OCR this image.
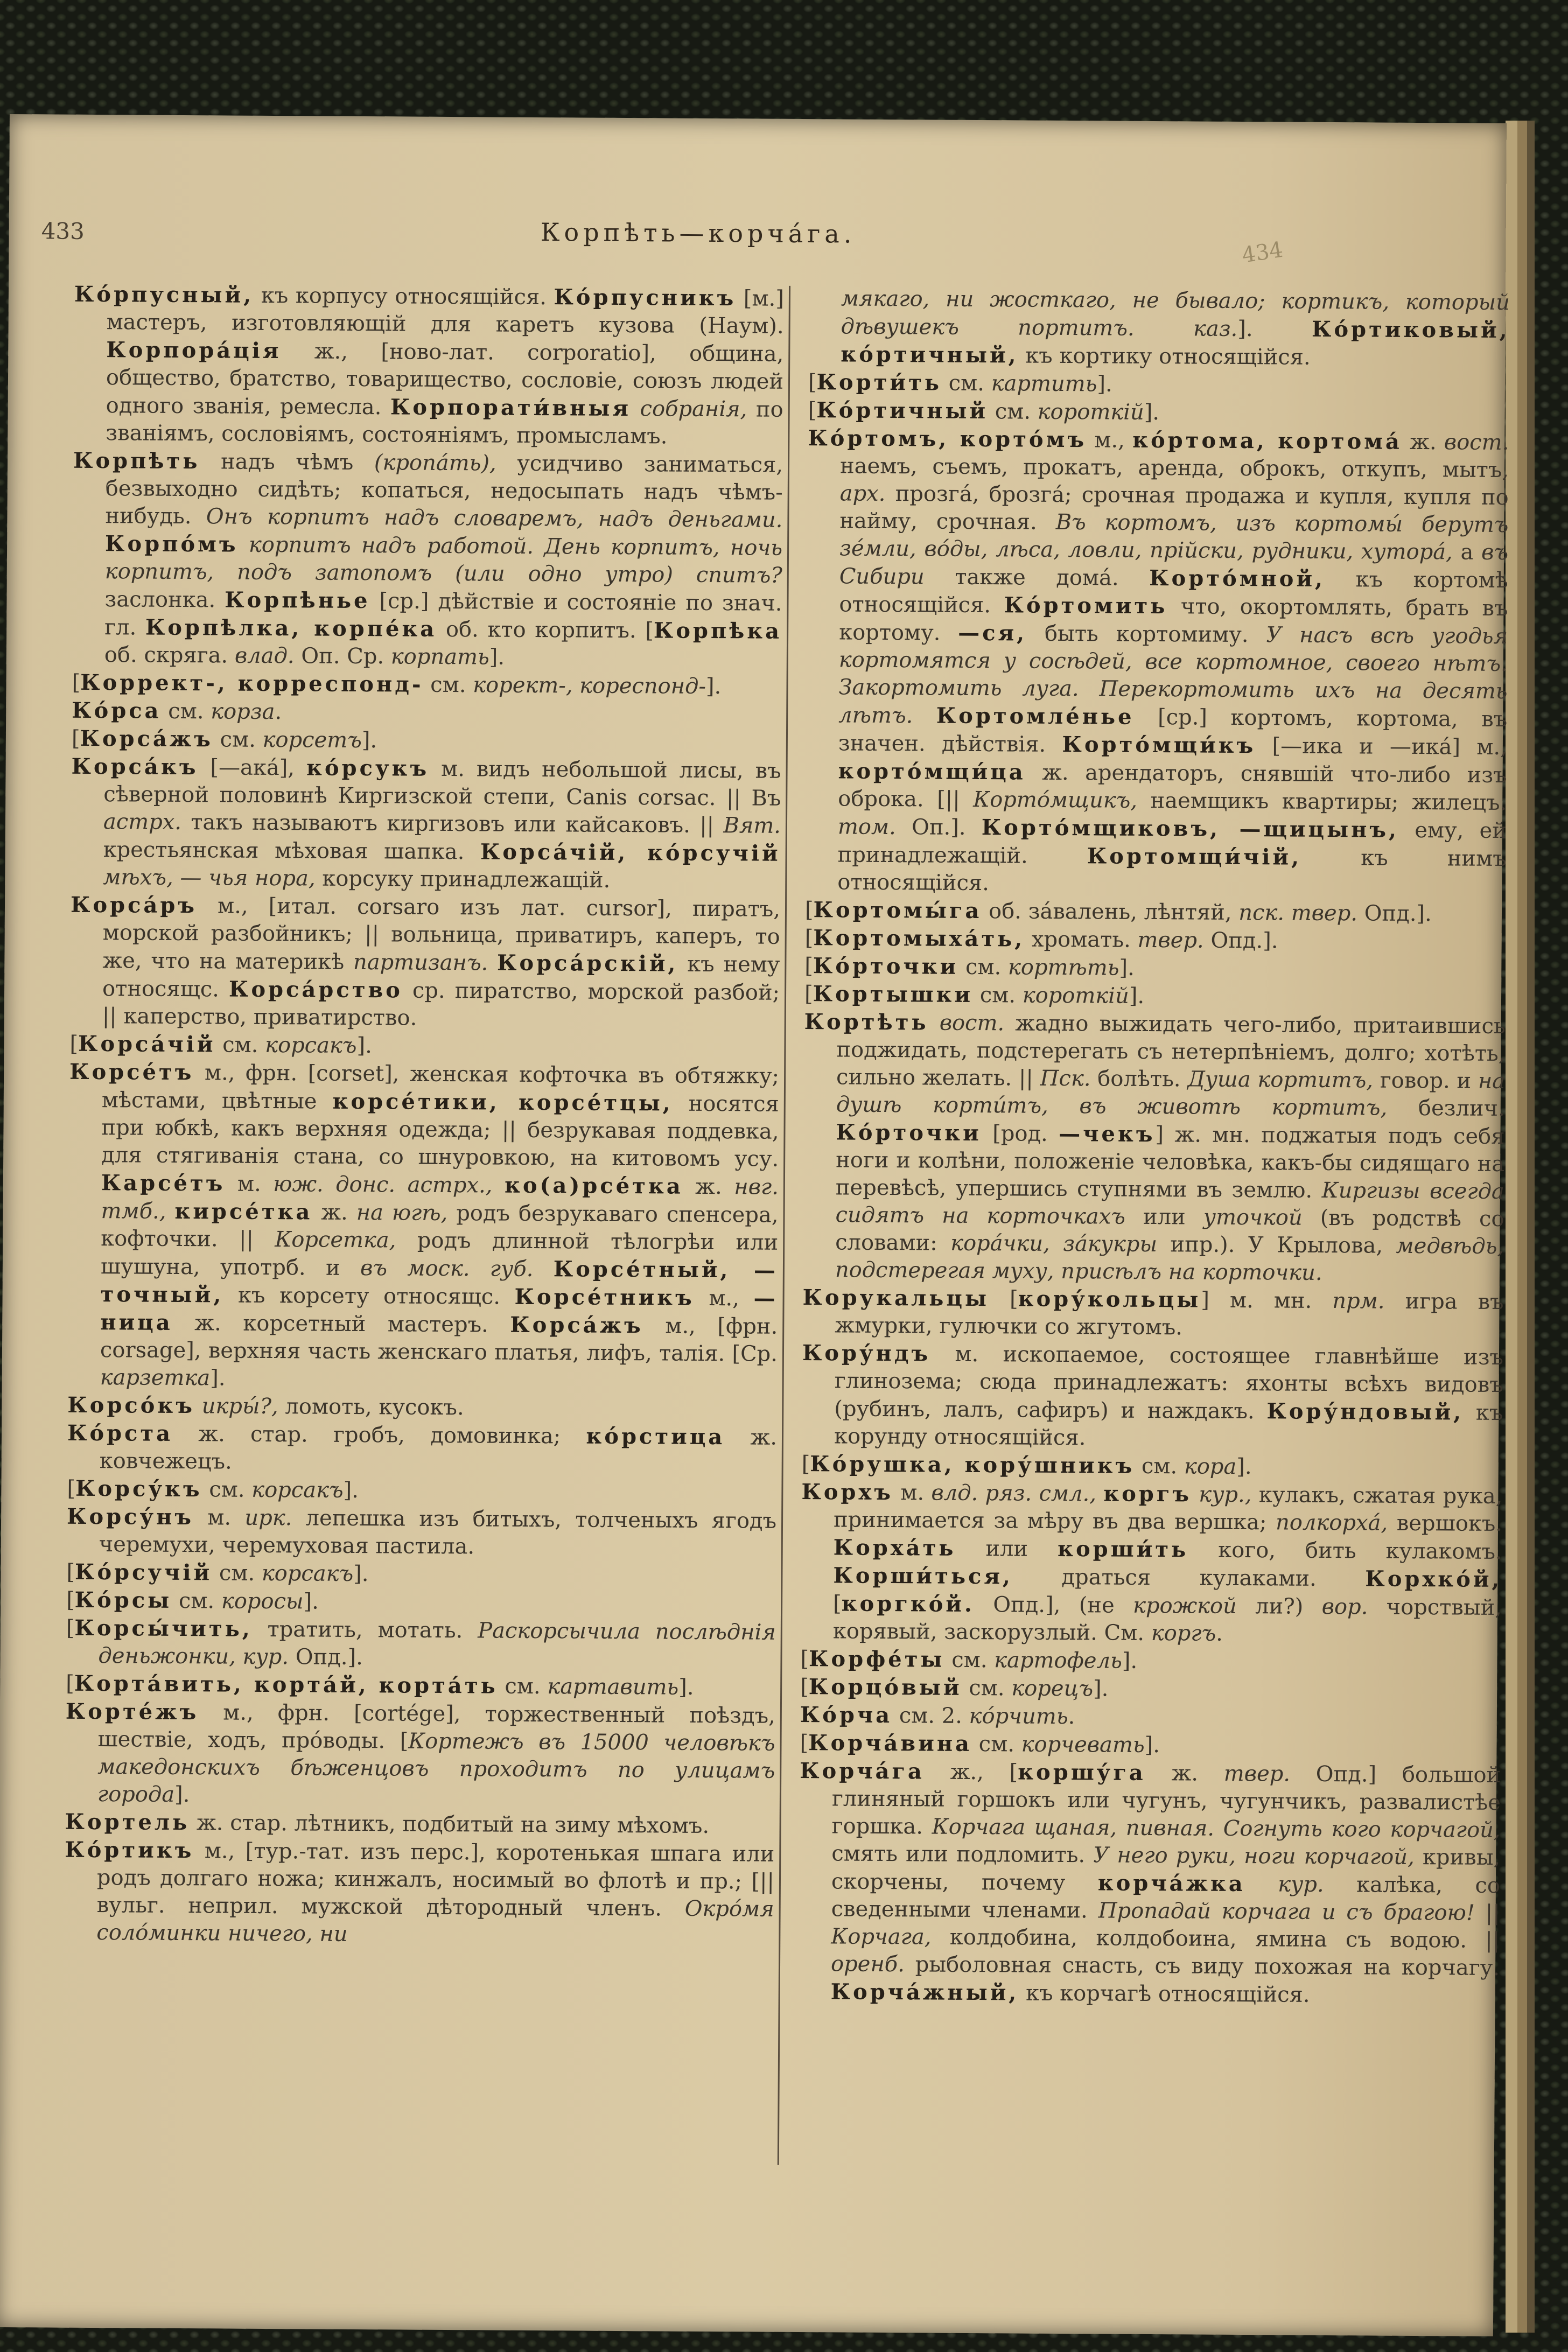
433	Корпѣть—корча́га.
434

Ко́рпусный, къ корпусу относящійся. Ко́рпусникъ [м.] мастеръ, изготовляющій для каретъ кузова (Наум). Корпора́ція ж., [ново-лат. corporatio], община, общество, братство, товарищество, сословіе, союзъ людей одного званія, ремесла. Корпорати́вныя собранія, по званіямъ, сословіямъ, состояніямъ, промысламъ.

Корпѣть надъ чѣмъ (кропа́ть), усидчиво заниматься, безвыходно сидѣть; копаться, недосыпать надъ чѣмъ-нибудь. Онъ корпитъ надъ словаремъ, надъ деньгами. Корпо́мъ корпитъ надъ работой. День корпитъ, ночь корпитъ, подъ затопомъ (или одно утро) спитъ? заслонка. Корпѣнье [ср.] дѣйствіе и состояніе по знач. гл. Корпѣлка, корпе́ка об. кто корпитъ. [Корпѣка об. скряга. влад. Оп. Ср. корпать].

[Коррект-, корреспонд- см. корект-, кореспонд-].

Ко́рса см. корза.

[Корса́жъ см. корсетъ].

Корса́къ [—ака́], ко́рсукъ м. видъ небольшой лисы, въ сѣверной половинѣ Киргизской степи, Canis corsac. || Въ астрх. такъ называютъ киргизовъ или кайсаковъ. || Вят. крестьянская мѣховая шапка. Корса́чій, ко́рсучій мѣхъ, — чья нора, корсуку принадлежащій.

Корса́ръ м., [итал. corsaro изъ лат. cursor], пиратъ, морской разбойникъ; || вольница, приватиръ, каперъ, то же, что на материкѣ партизанъ. Корса́рскій, къ нему относящс. Корса́рство ср. пиратство, морской разбой; || каперство, приватирство.

[Корса́чій см. корсакъ].

Корсе́тъ м., фрн. [corset], женская кофточка въ обтяжку; мѣстами, цвѣтные корсе́тики, корсе́тцы, носятся при юбкѣ, какъ верхняя одежда; || безрукавая поддевка, для стягиванія стана, со шнуровкою, на китовомъ усу. Карсе́тъ м. юж. донс. астрх., ко(а)рсе́тка ж. нвг. тмб., кирсе́тка ж. на югѣ, родъ безрукаваго спенсера, кофточки. || Корсетка, родъ длинной тѣлогрѣи или шушуна, употрб. и въ моск. губ. Корсе́тный, —точный, къ корсету относящс. Корсе́тникъ м., —ница ж. корсетный мастеръ. Корса́жъ м., [фрн. corsage], верхняя часть женскаго платья, лифъ, талія. [Ср. карзетка].

Корсо́къ икры́?, ломоть, кусокъ.

Ко́рста ж. стар. гробъ, домовинка; ко́рстица ж. ковчежецъ.

[Корсу́къ см. корсакъ].

Корсу́нъ м. ирк. лепешка изъ битыхъ, толченыхъ ягодъ черемухи, черемуховая пастила.

[Ко́рсучій см. корсакъ].

[Ко́рсы см. коросы].

[Корсы́чить, тратить, мотать. Раскорсычила послѣднія деньжонки, кур. Опд.].

[Корта́вить, корта́й, корта́ть см. картавить].

Корте́жъ м., фрн. [cortége], торжественный поѣздъ, шествіе, ходъ, про́воды. [Кортежъ въ 15000 человѣкъ македонскихъ бѣженцовъ проходитъ по улицамъ города].

Кортель ж. стар. лѣтникъ, подбитый на зиму мѣхомъ.

Ко́ртикъ м., [тур.-тат. изъ перс.], коротенькая шпага или родъ долгаго ножа; кинжалъ, носимый во флотѣ и пр.; [||вульг. неприл. мужской дѣтородный членъ. Окро́мя соло́минки ничего, ни

мякаго, ни жосткаго, не бывало; кортикъ, который дѣвушекъ портитъ. каз.]. Ко́ртиковый, ко́ртичный, къ кортику относящійся.

[Корти́ть см. картить].

[Ко́ртичный см. короткій].

Ко́ртомъ, корто́мъ м., ко́ртома, кортома́ ж. вост. наемъ, съемъ, прокатъ, аренда, оброкъ, откупъ, мытъ, арх. прозга́, брозга́; срочная продажа и купля, купля по найму, срочная. Въ кортомъ, изъ кортомы́ берутъ зе́мли, во́ды, лѣса, ловли, прійски, рудники, хутора́, а въ Сибири также дома́. Корто́мной, къ кортомѣ относящійся. Ко́ртомить что, окортомлять, брать въ кортому. —ся, быть кортомиму. У насъ всѣ угодья кортомятся у сосѣдей, все кортомное, своего нѣтъ. Закортомить луга. Перекортомить ихъ на десять лѣтъ. Кортомле́нье [ср.] кортомъ, кортома, въ значен. дѣйствія. Корто́мщи́къ [—ика и —ика́] м., корто́мщи́ца ж. арендаторъ, снявшій что-либо изъ оброка. [|| Корто́мщикъ, наемщикъ квартиры; жилецъ. том. Оп.]. Корто́мщиковъ, —щицынъ, ему, ей принадлежащій. Кортомщи́чій, къ нимъ относящійся.

[Кортомы́га об. за́валень, лѣнтяй, пск. твер. Опд.].

[Кортомыха́ть, хромать. твер. Опд.].

[Ко́рточки см. кортѣть].

[Кортышки см. короткій].

Кортѣть вост. жадно выжидать чего-либо, притаившись поджидать, подстерегать съ нетерпѣніемъ, долго; хотѣть, сильно желать. || Пск. болѣть. Душа кортитъ, говор. и на душѣ корти́тъ, въ животѣ кортитъ, безлич. Ко́рточки [род. —чекъ] ж. мн. поджатыя подъ себя ноги и колѣни, положеніе человѣка, какъ-бы сидящаго на перевѣсѣ, упершись ступнями въ землю. Киргизы всегда сидятъ на корточкахъ или уточкой (въ родствѣ со словами: кора́чки, за́кукры ипр.). У Крылова, медвѣдь, подстерегая муху, присѣлъ на корточки.

Корукальцы [кору́кольцы] м. мн. прм. игра въ жмурки, гулючки со жгутомъ.

Кору́ндъ м. ископаемое, состоящее главнѣйше изъ глинозема; сюда принадлежатъ: яхонты всѣхъ видовъ (рубинъ, лалъ, сафиръ) и наждакъ. Кору́ндовый, къ корунду относящійся.

[Ко́рушка, кору́шникъ см. кора].

Корхъ м. влд. ряз. смл., коргъ кур., кулакъ, сжатая рука, принимается за мѣру въ два вершка; полкорха́, вершокъ. Корха́ть или корши́ть кого, бить кулакомъ. Корши́ться, драться кулаками. Корхко́й, [коргко́й. Опд.], (не крожкой ли?) вор. чорствый, корявый, заскорузлый. См. коргъ.

[Корфе́ты см. картофель].

[Корцо́вый см. корецъ].

Ко́рча см. 2. ко́рчить.

[Корча́вина см. корчевать].

Корча́га ж., [коршу́га ж. твер. Опд.] большой глиняный горшокъ или чугунъ, чугунчикъ, развалистѣе горшка. Корчага щаная, пивная. Согнуть кого корчагой, смять или подломить. У него руки, ноги корчагой, кривы, скорчены, почему корча́жка кур. калѣка, со сведенными членами. Пропадай корчага и съ брагою! || Корчага, колдобина, колдобоина, ямина съ водою. || оренб. рыболовная снасть, съ виду похожая на корчагу. Корча́жный, къ корчагѣ относящійся.
